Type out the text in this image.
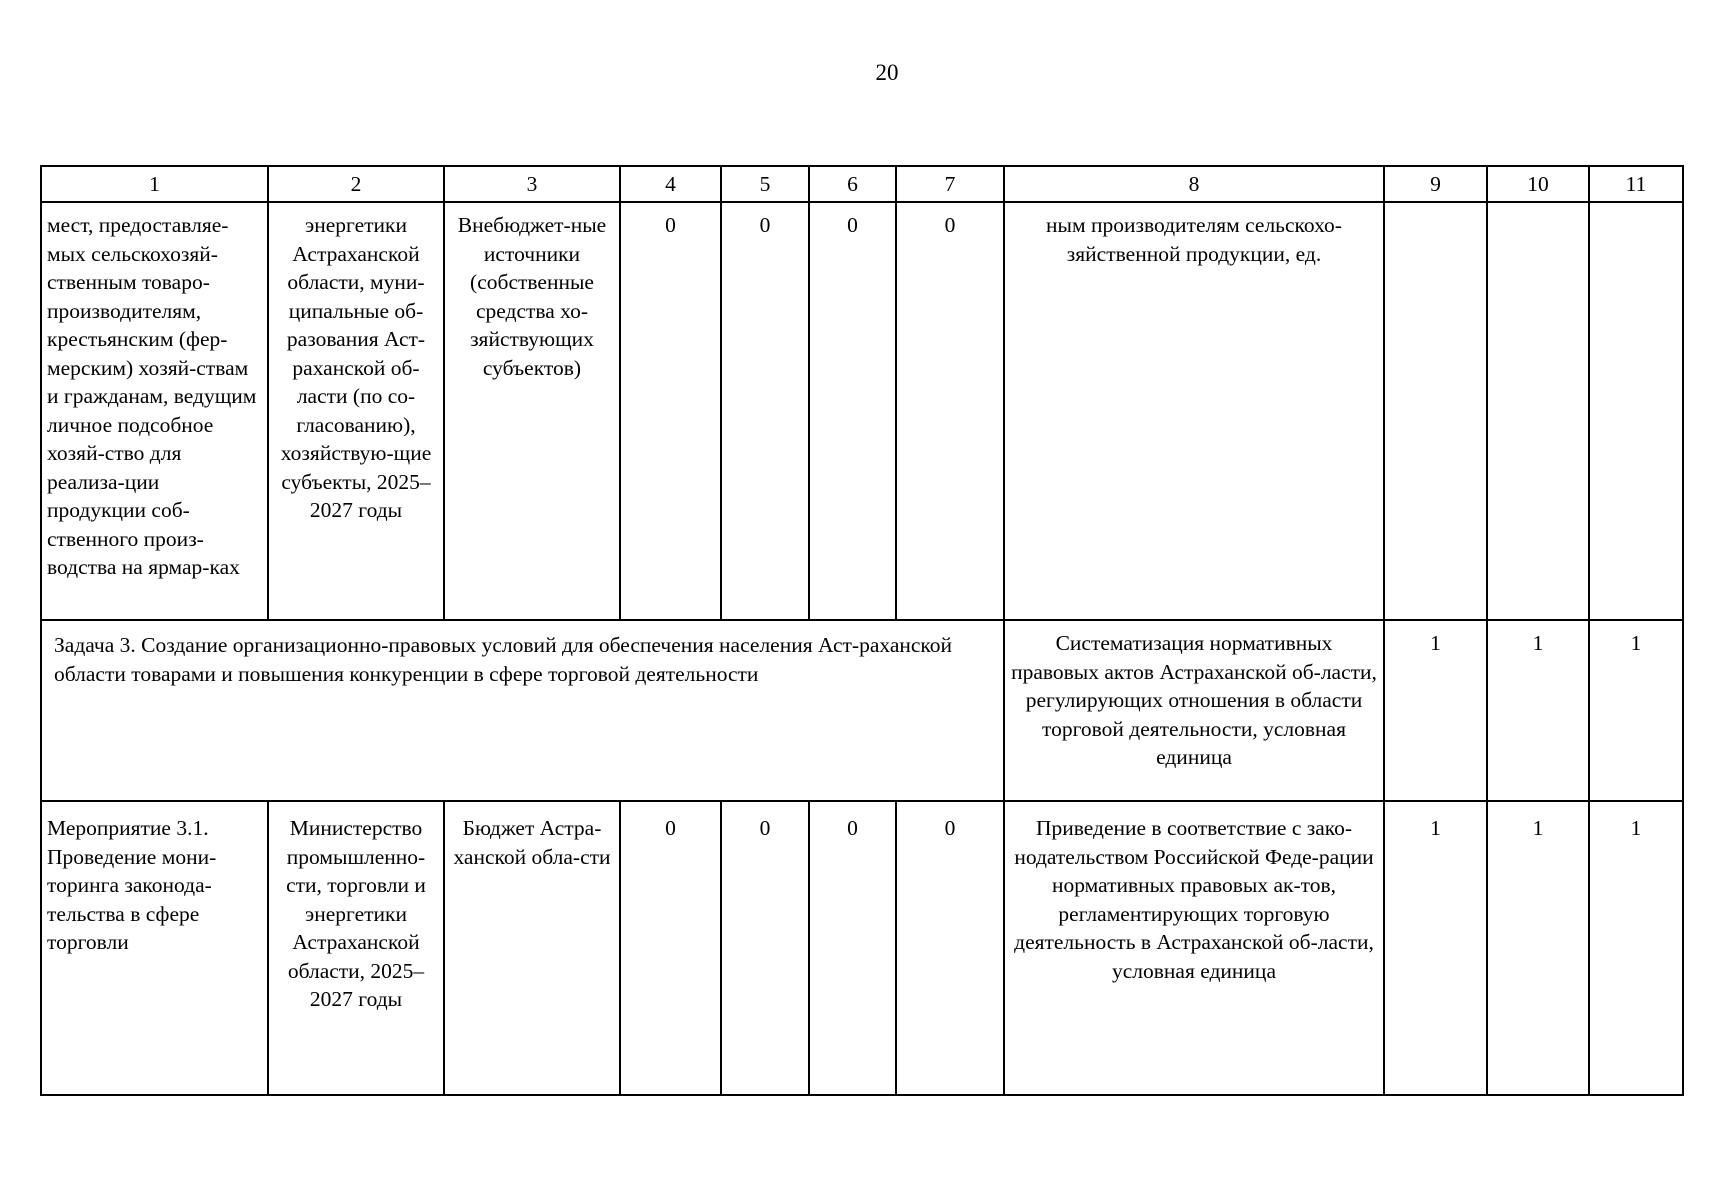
20
1	2	3	4	5	6	7	8	9	10	11
мест, предоставляе-мых сельскохозяй-ственным товаро-производителям, крестьянским (фер-мерским) хозяй-ствам и гражданам, ведущим личное подсобное хозяй-ство для реализа-ции продукции соб-ственного произ-водства на ярмар-ках	энергетики Астраханской области, муни-ципальные об-разования Аст-раханской об-ласти (по со-гласованию), хозяйствую-щие субъекты, 2025–2027 годы	Внебюджет-ные источники (собственные средства хо-зяйствующих субъектов)	0	0	0	0	ным производителям сельскохо-зяйственной продукции, ед.			
Задача 3. Создание организационно-правовых условий для обеспечения населения Аст-раханской области товарами и повышения конкуренции в сфере торговой деятельности							Систематизация нормативных правовых актов Астраханской об-ласти, регулирующих отношения в области торговой деятельности, условная единица	1	1	1
Мероприятие 3.1. Проведение мони-торинга законода-тельства в сфере торговли	Министерство промышленно-сти, торговли и энергетики Астраханской области, 2025–2027 годы	Бюджет Астра-ханской обла-сти	0	0	0	0	Приведение в соответствие с зако-нодательством Российской Феде-рации нормативных правовых ак-тов, регламентирующих торговую деятельность в Астраханской об-ласти, условная единица	1	1	1
